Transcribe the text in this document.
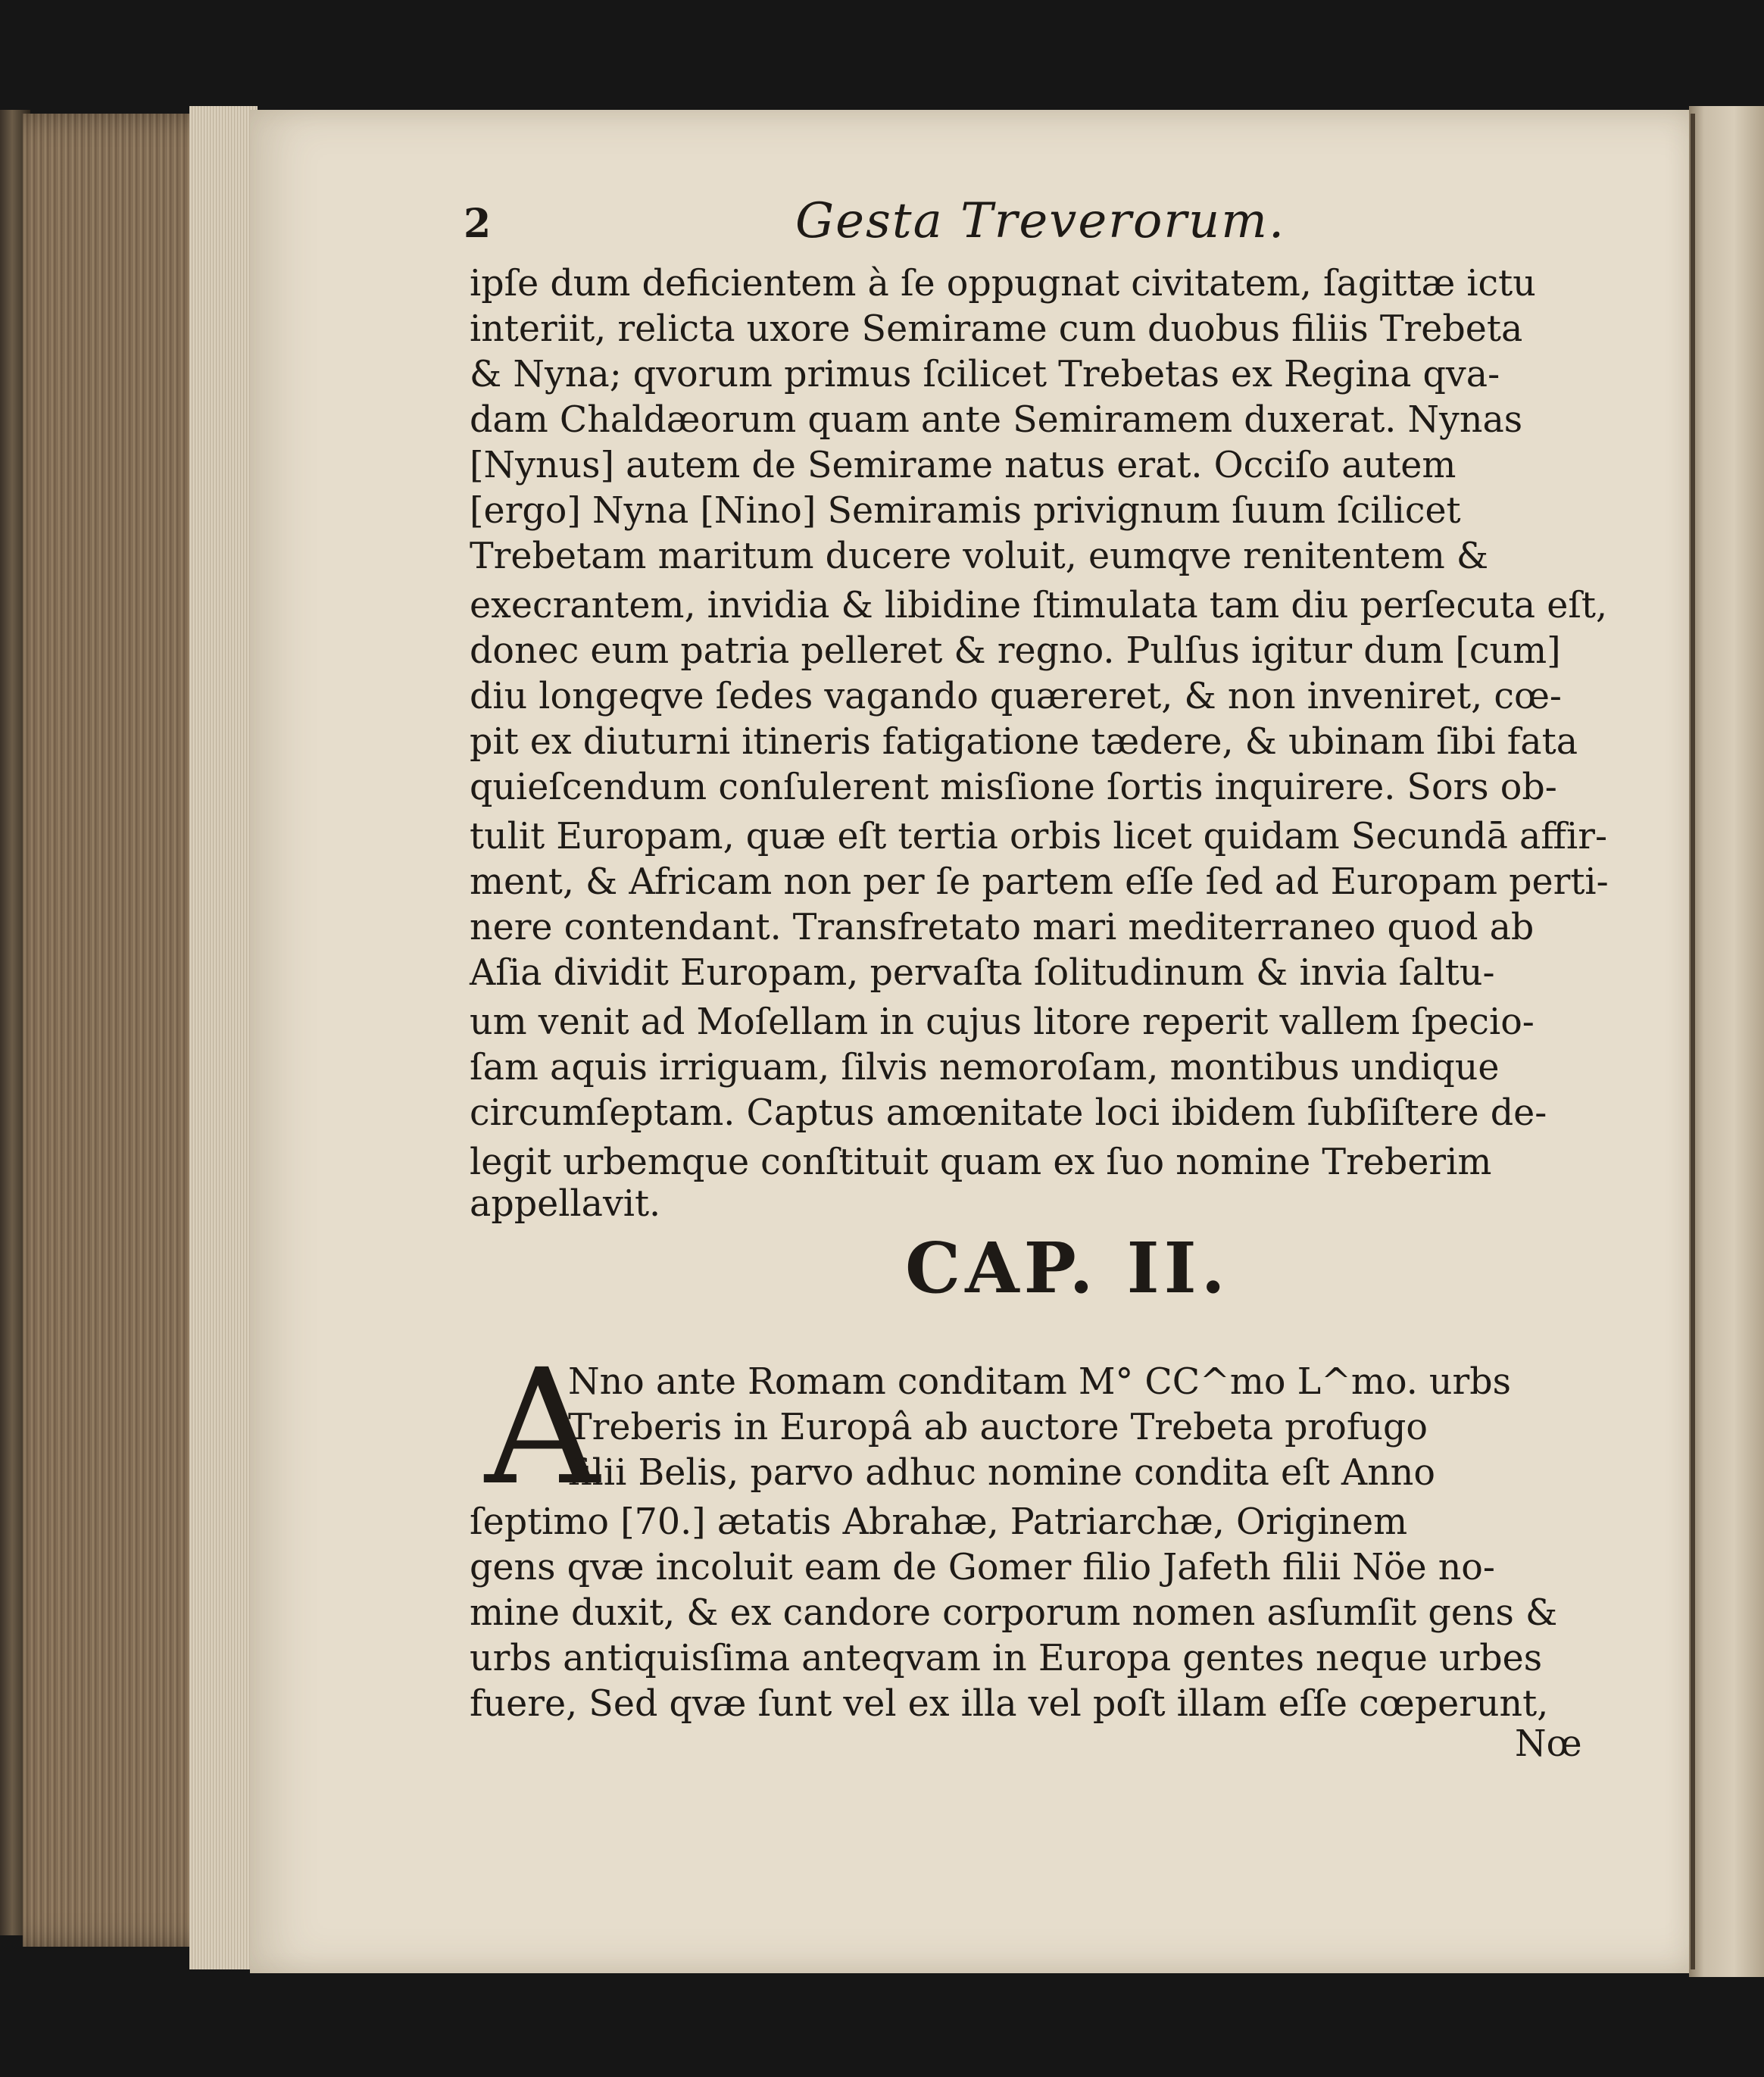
2	Gesta Treverorum.
ipſe dum deficientem à ſe oppugnat civitatem, ſagittæ ictu
interiit, relicta uxore Semirame cum duobus filiis Trebeta
& Nyna; qvorum primus ſcilicet Trebetas ex Regina qva-
dam Chaldæorum quam ante Semiramem duxerat. Nynas
[Nynus] autem de Semirame natus erat. Occiſo autem
[ergo] Nyna [Nino] Semiramis privignum ſuum ſcilicet
Trebetam maritum ducere voluit, eumqve renitentem &
execrantem, invidia & libidine ſtimulata tam diu perſecuta eſt,
donec eum patria pelleret & regno. Pulſus igitur dum [cum]
diu longeqve ſedes vagando quæreret, & non inveniret, cœ-
pit ex diuturni itineris fatigatione tædere, & ubinam ſibi fata
quieſcendum conſulerent misſione ſortis inquirere. Sors ob-
tulit Europam, quæ eſt tertia orbis licet quidam Secundā affir-
ment, & Africam non per ſe partem eſſe ſed ad Europam perti-
nere contendant. Transfretato mari mediterraneo quod ab
Aſia dividit Europam, pervaſta ſolitudinum & invia ſaltu-
um venit ad Moſellam in cujus litore reperit vallem ſpecio-
ſam aquis irriguam, ſilvis nemoroſam, montibus undique
circumſeptam. Captus amœnitate loci ibidem ſubſiſtere de-
legit urbemque conſtituit quam ex ſuo nomine Treberim
appellavit.
CAP. II.
A
Nno ante Romam conditam M° CC^mo L^mo. urbs
Treberis in Europâ ab auctore Trebeta profugo
filii Belis, parvo adhuc nomine condita eſt Anno
ſeptimo [70.] ætatis Abrahæ, Patriarchæ, Originem
gens qvæ incoluit eam de Gomer filio Jafeth filii Nöe no-
mine duxit, & ex candore corporum nomen asſumſit gens &
urbs antiquisſima anteqvam in Europa gentes neque urbes
fuere, Sed qvæ ſunt vel ex illa vel poſt illam eſſe cœperunt,
Nœ
